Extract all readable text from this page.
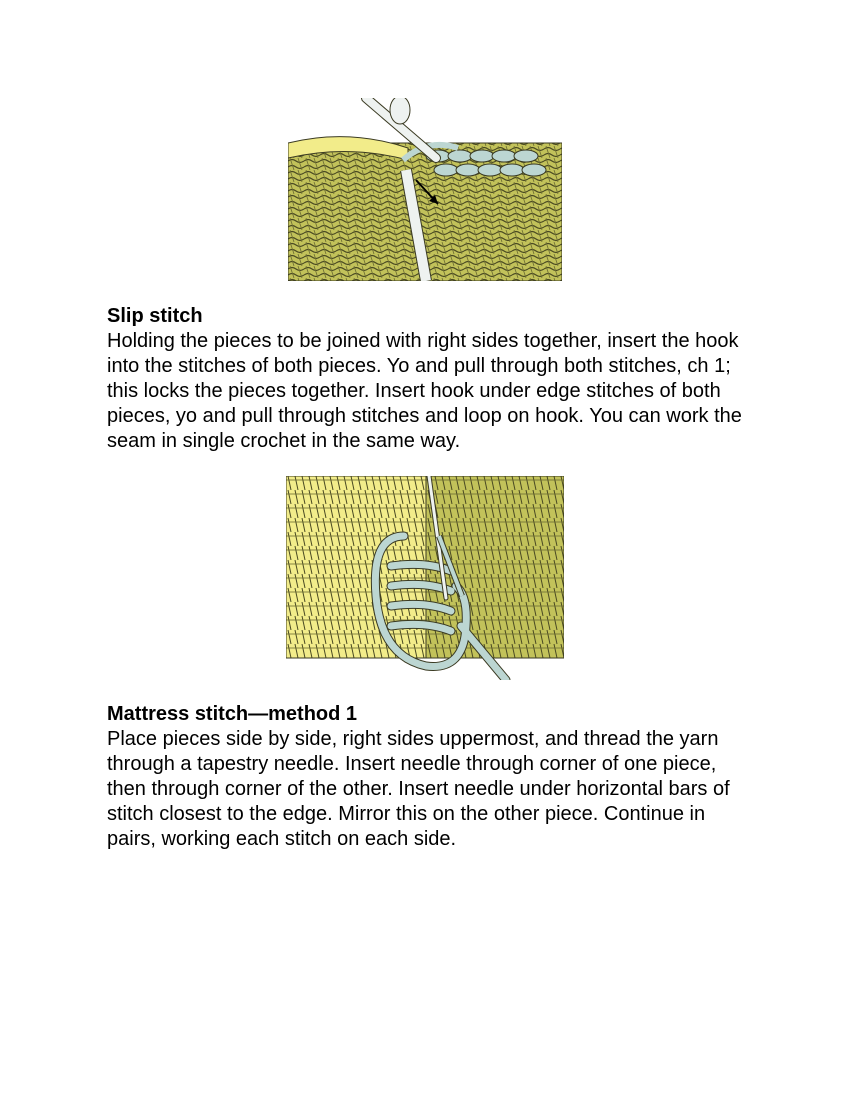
Slip stitch

Holding the pieces to be joined with right sides together, insert the hook into the stitches of both pieces. Yo and pull through both stitches, ch 1; this locks the pieces together. Insert hook under edge stitches of both pieces, yo and pull through stitches and loop on hook. You can work the seam in single crochet in the same way.

Mattress stitch—method 1

Place pieces side by side, right sides uppermost, and thread the yarn through a tapestry needle. Insert needle through corner of one piece, then through corner of the other. Insert needle under horizontal bars of stitch closest to the edge. Mirror this on the other piece. Continue in pairs, working each stitch on each side.
